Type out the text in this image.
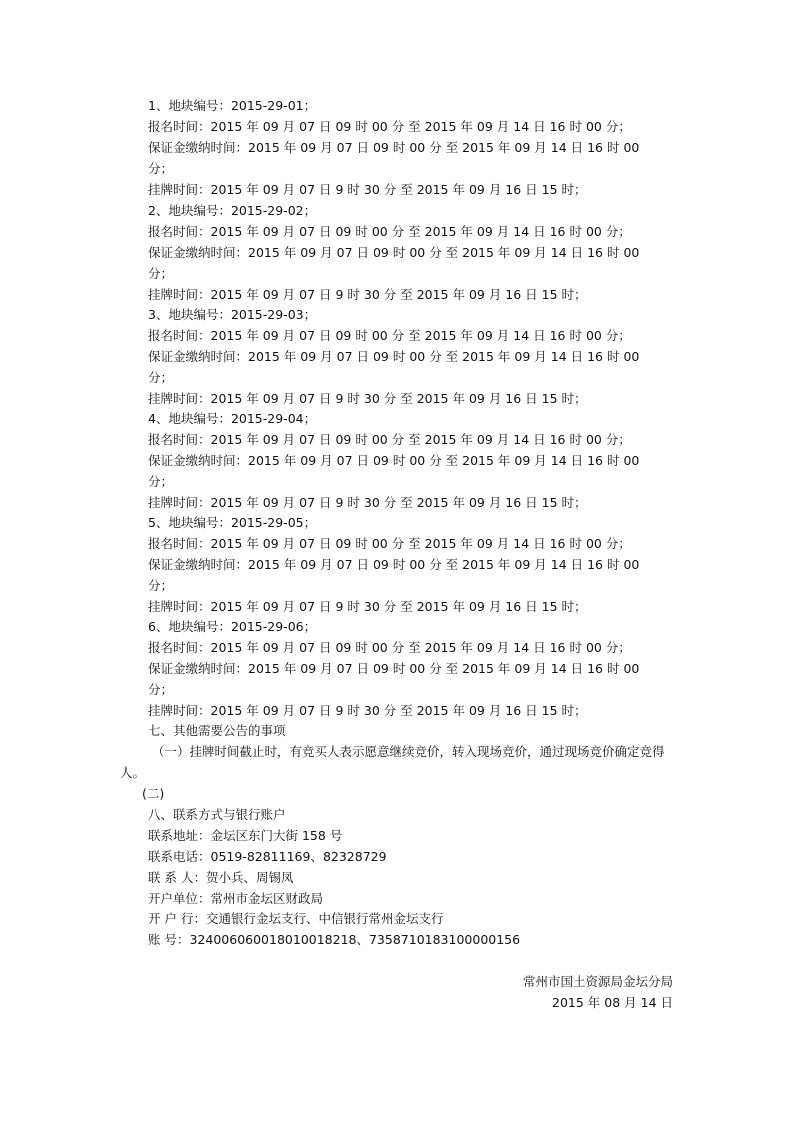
1、地块编号：2015-29-01；
报名时间：2015 年 09 月 07 日 09 时 00 分 至 2015 年 09 月 14 日 16 时 00 分；
保证金缴纳时间：2015 年 09 月 07 日 09 时 00 分 至 2015 年 09 月 14 日 16 时 00
分；
挂牌时间：2015 年 09 月 07 日 9 时 30 分 至 2015 年 09 月 16 日 15 时；
2、地块编号：2015-29-02；
报名时间：2015 年 09 月 07 日 09 时 00 分 至 2015 年 09 月 14 日 16 时 00 分；
保证金缴纳时间：2015 年 09 月 07 日 09 时 00 分 至 2015 年 09 月 14 日 16 时 00
分；
挂牌时间：2015 年 09 月 07 日 9 时 30 分 至 2015 年 09 月 16 日 15 时；
3、地块编号：2015-29-03；
报名时间：2015 年 09 月 07 日 09 时 00 分 至 2015 年 09 月 14 日 16 时 00 分；
保证金缴纳时间：2015 年 09 月 07 日 09 时 00 分 至 2015 年 09 月 14 日 16 时 00
分；
挂牌时间：2015 年 09 月 07 日 9 时 30 分 至 2015 年 09 月 16 日 15 时；
4、地块编号：2015-29-04；
报名时间：2015 年 09 月 07 日 09 时 00 分 至 2015 年 09 月 14 日 16 时 00 分；
保证金缴纳时间：2015 年 09 月 07 日 09 时 00 分 至 2015 年 09 月 14 日 16 时 00
分；
挂牌时间：2015 年 09 月 07 日 9 时 30 分 至 2015 年 09 月 16 日 15 时；
5、地块编号：2015-29-05；
报名时间：2015 年 09 月 07 日 09 时 00 分 至 2015 年 09 月 14 日 16 时 00 分；
保证金缴纳时间：2015 年 09 月 07 日 09 时 00 分 至 2015 年 09 月 14 日 16 时 00
分；
挂牌时间：2015 年 09 月 07 日 9 时 30 分 至 2015 年 09 月 16 日 15 时；
6、地块编号：2015-29-06；
报名时间：2015 年 09 月 07 日 09 时 00 分 至 2015 年 09 月 14 日 16 时 00 分；
保证金缴纳时间：2015 年 09 月 07 日 09 时 00 分 至 2015 年 09 月 14 日 16 时 00
分；
挂牌时间：2015 年 09 月 07 日 9 时 30 分 至 2015 年 09 月 16 日 15 时；
七、其他需要公告的事项
（一）挂牌时间截止时，有竞买人表示愿意继续竞价，转入现场竞价，通过现场竞价确定竞得人。
(二)
八、联系方式与银行账户
联系地址：金坛区东门大街 158 号
联系电话：0519-82811169、82328729
联 系 人：贺小兵、周锡凤
开户单位：常州市金坛区财政局
开 户 行：交通银行金坛支行、中信银行常州金坛支行
账 号：324006060018010018218、7358710183100000156
常州市国土资源局金坛分局
2015 年 08 月 14 日
